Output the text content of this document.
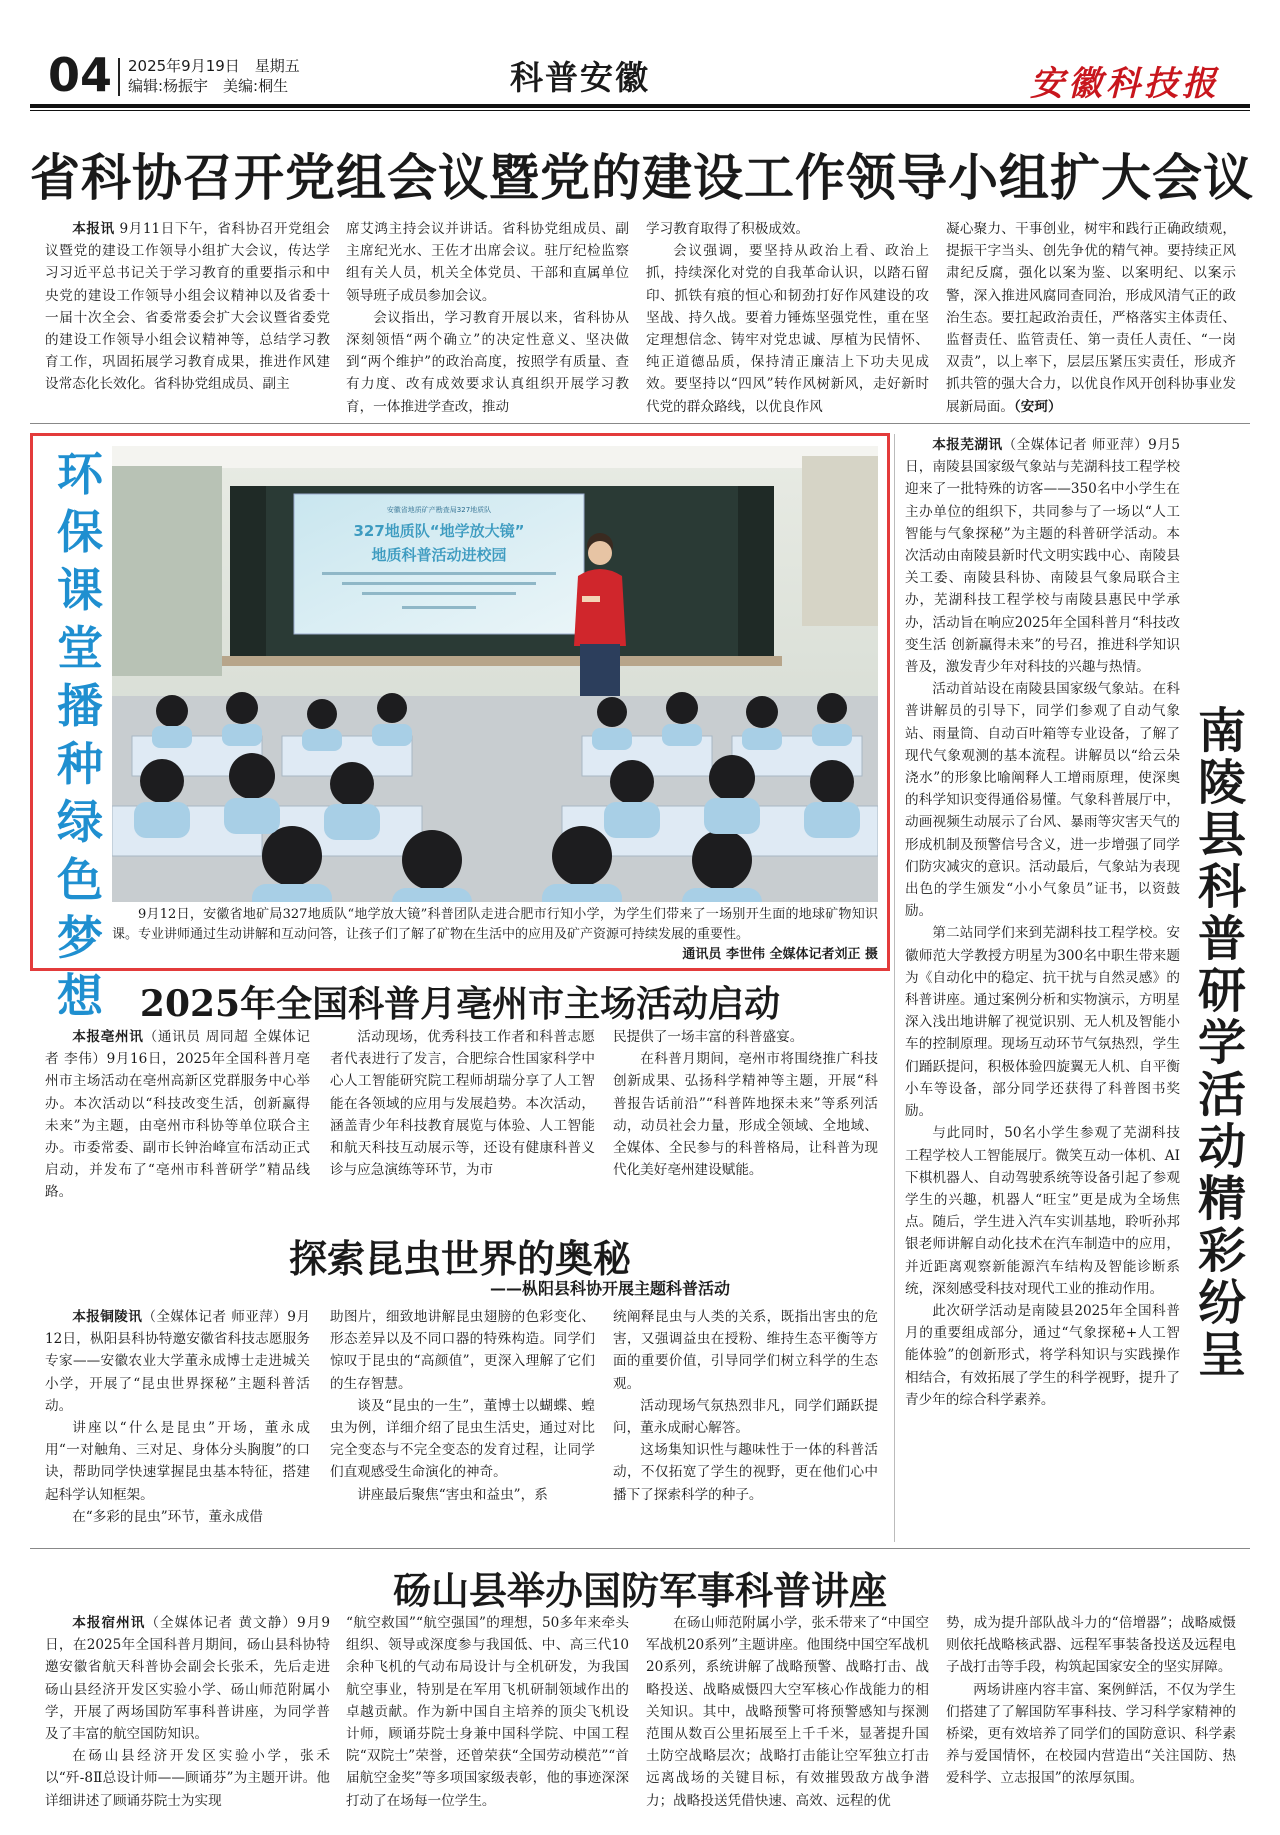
04 2025年9月19日　星期五
编辑:杨振宇　美编:桐生	科普安徽	安徽科技报
省科协召开党组会议暨党的建设工作领导小组扩大会议

本报讯 9月11日下午，省科协召开党组会议暨党的建设工作领导小组扩大会议，传达学习习近平总书记关于学习教育的重要指示和中央党的建设工作领导小组会议精神以及省委十一届十次全会、省委常委会扩大会议暨省委党的建设工作领导小组会议精神等，总结学习教育工作，巩固拓展学习教育成果，推进作风建设常态化长效化。省科协党组成员、副主

席艾鸿主持会议并讲话。省科协党组成员、副主席纪光水、王佐才出席会议。驻厅纪检监察组有关人员，机关全体党员、干部和直属单位领导班子成员参加会议。

会议指出，学习教育开展以来，省科协从深刻领悟“两个确立”的决定性意义、坚决做到“两个维护”的政治高度，按照学有质量、查有力度、改有成效要求认真组织开展学习教育，一体推进学查改，推动

学习教育取得了积极成效。

会议强调，要坚持从政治上看、政治上抓，持续深化对党的自我革命认识，以踏石留印、抓铁有痕的恒心和韧劲打好作风建设的攻坚战、持久战。要着力锤炼坚强党性，重在坚定理想信念、铸牢对党忠诚、厚植为民情怀、纯正道德品质，保持清正廉洁上下功夫见成效。要坚持以“四风”转作风树新风，走好新时代党的群众路线，以优良作风

凝心聚力、干事创业，树牢和践行正确政绩观，提振干字当头、创先争优的精气神。要持续正风肃纪反腐，强化以案为鉴、以案明纪、以案示警，深入推进风腐同查同治，形成风清气正的政治生态。要扛起政治责任，严格落实主体责任、监督责任、监管责任、第一责任人责任、“一岗双责”，以上率下，层层压紧压实责任，形成齐抓共管的强大合力，以优良作风开创科协事业发展新局面。（安珂）

环保课堂播种绿色梦想
安徽省地质矿产勘查局327地质队
327地质队“地学放大镜”
地质科普活动进校园
9月12日，安徽省地矿局327地质队“地学放大镜”科普团队走进合肥市行知小学，为学生们带来了一场别开生面的地球矿物知识课。专业讲师通过生动讲解和互动问答，让孩子们了解了矿物在生活中的应用及矿产资源可持续发展的重要性。
通讯员 李世伟 全媒体记者刘正 摄

本报芜湖讯（全媒体记者 师亚萍）9月5日，南陵县国家级气象站与芜湖科技工程学校迎来了一批特殊的访客——350名中小学生在主办单位的组织下，共同参与了一场以“人工智能与气象探秘”为主题的科普研学活动。本次活动由南陵县新时代文明实践中心、南陵县关工委、南陵县科协、南陵县气象局联合主办，芜湖科技工程学校与南陵县惠民中学承办，活动旨在响应2025年全国科普月“科技改变生活 创新赢得未来”的号召，推进科学知识普及，激发青少年对科技的兴趣与热情。

活动首站设在南陵县国家级气象站。在科普讲解员的引导下，同学们参观了自动气象站、雨量筒、自动百叶箱等专业设备，了解了现代气象观测的基本流程。讲解员以“给云朵浇水”的形象比喻阐释人工增雨原理，使深奥的科学知识变得通俗易懂。气象科普展厅中，动画视频生动展示了台风、暴雨等灾害天气的形成机制及预警信号含义，进一步增强了同学们防灾减灾的意识。活动最后，气象站为表现出色的学生颁发“小小气象员”证书，以资鼓励。

第二站同学们来到芜湖科技工程学校。安徽师范大学教授方明星为300名中职生带来题为《自动化中的稳定、抗干扰与自然灵感》的科普讲座。通过案例分析和实物演示，方明星深入浅出地讲解了视觉识别、无人机及智能小车的控制原理。现场互动环节气氛热烈，学生们踊跃提问，积极体验四旋翼无人机、自平衡小车等设备，部分同学还获得了科普图书奖励。

与此同时，50名小学生参观了芜湖科技工程学校人工智能展厅。微笑互动一体机、AI下棋机器人、自动驾驶系统等设备引起了参观学生的兴趣，机器人“旺宝”更是成为全场焦点。随后，学生进入汽车实训基地，聆听孙邦银老师讲解自动化技术在汽车制造中的应用，并近距离观察新能源汽车结构及智能诊断系统，深刻感受科技对现代工业的推动作用。

此次研学活动是南陵县2025年全国科普月的重要组成部分，通过“气象探秘+人工智能体验”的创新形式，将学科知识与实践操作相结合，有效拓展了学生的科学视野，提升了青少年的综合科学素养。

南陵县科普研学活动精彩纷呈
2025年全国科普月亳州市主场活动启动

本报亳州讯（通讯员 周同超 全媒体记者 李伟）9月16日，2025年全国科普月亳州市主场活动在亳州高新区党群服务中心举办。本次活动以“科技改变生活，创新赢得未来”为主题，由亳州市科协等单位联合主办。市委常委、副市长钟治峰宣布活动正式启动，并发布了“亳州市科普研学”精品线路。

活动现场，优秀科技工作者和科普志愿者代表进行了发言，合肥综合性国家科学中心人工智能研究院工程师胡瑞分享了人工智能在各领域的应用与发展趋势。本次活动，涵盖青少年科技教育展览与体验、人工智能和航天科技互动展示等，还设有健康科普义诊与应急演练等环节，为市

民提供了一场丰富的科普盛宴。

在科普月期间，亳州市将围绕推广科技创新成果、弘扬科学精神等主题，开展“科普报告话前沿”“科普阵地探未来”等系列活动，动员社会力量，形成全领域、全地域、全媒体、全民参与的科普格局，让科普为现代化美好亳州建设赋能。

探索昆虫世界的奥秘
——枞阳县科协开展主题科普活动

本报铜陵讯（全媒体记者 师亚萍）9月12日，枞阳县科协特邀安徽省科技志愿服务专家——安徽农业大学董永成博士走进城关小学，开展了“昆虫世界探秘”主题科普活动。

讲座以“什么是昆虫”开场，董永成用“一对触角、三对足、身体分头胸腹”的口诀，帮助同学快速掌握昆虫基本特征，搭建起科学认知框架。

在“多彩的昆虫”环节，董永成借

助图片，细致地讲解昆虫翅膀的色彩变化、形态差异以及不同口器的特殊构造。同学们惊叹于昆虫的“高颜值”，更深入理解了它们的生存智慧。

谈及“昆虫的一生”，董博士以蝴蝶、蝗虫为例，详细介绍了昆虫生活史，通过对比完全变态与不完全变态的发育过程，让同学们直观感受生命演化的神奇。

讲座最后聚焦“害虫和益虫”，系

统阐释昆虫与人类的关系，既指出害虫的危害，又强调益虫在授粉、维持生态平衡等方面的重要价值，引导同学们树立科学的生态观。

活动现场气氛热烈非凡，同学们踊跃提问，董永成耐心解答。

这场集知识性与趣味性于一体的科普活动，不仅拓宽了学生的视野，更在他们心中播下了探索科学的种子。

砀山县举办国防军事科普讲座

本报宿州讯（全媒体记者 黄文静）9月9日，在2025年全国科普月期间，砀山县科协特邀安徽省航天科普协会副会长张禾，先后走进砀山县经济开发区实验小学、砀山师范附属小学，开展了两场国防军事科普讲座，为同学普及了丰富的航空国防知识。

在砀山县经济开发区实验小学，张禾以“歼-8Ⅱ总设计师——顾诵芬”为主题开讲。他详细讲述了顾诵芬院士为实现

“航空救国”“航空强国”的理想，50多年来牵头组织、领导或深度参与我国低、中、高三代10余种飞机的气动布局设计与全机研发，为我国航空事业，特别是在军用飞机研制领域作出的卓越贡献。作为新中国自主培养的顶尖飞机设计师，顾诵芬院士身兼中国科学院、中国工程院“双院士”荣誉，还曾荣获“全国劳动模范”“首届航空金奖”等多项国家级表彰，他的事迹深深打动了在场每一位学生。

在砀山师范附属小学，张禾带来了“中国空军战机20系列”主题讲座。他围绕中国空军战机20系列，系统讲解了战略预警、战略打击、战略投送、战略威慑四大空军核心作战能力的相关知识。其中，战略预警可将预警感知与探测范围从数百公里拓展至上千千米，显著提升国土防空战略层次；战略打击能让空军独立打击远离战场的关键目标，有效摧毁敌方战争潜力；战略投送凭借快速、高效、远程的优

势，成为提升部队战斗力的“倍增器”；战略威慑则依托战略核武器、远程军事装备投送及远程电子战打击等手段，构筑起国家安全的坚实屏障。

两场讲座内容丰富、案例鲜活，不仅为学生们搭建了了解国防军事科技、学习科学家精神的桥梁，更有效培养了同学们的国防意识、科学素养与爱国情怀，在校园内营造出“关注国防、热爱科学、立志报国”的浓厚氛围。
